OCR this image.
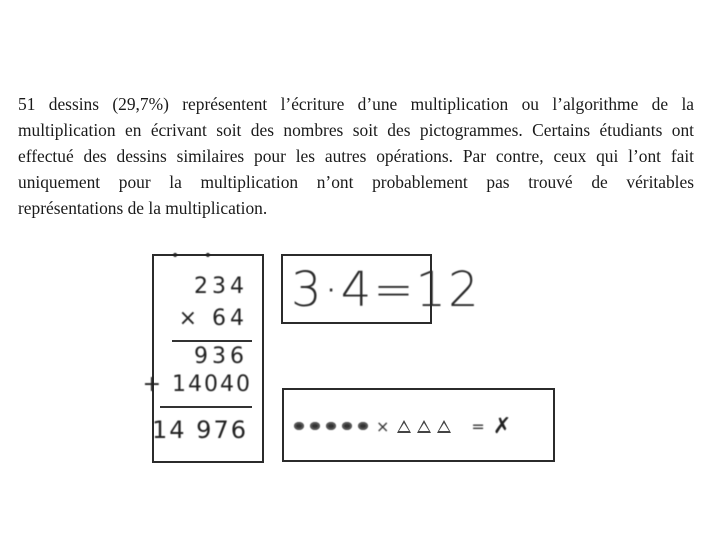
51 dessins (29,7%) représentent l’écriture d’une multiplication ou l’algorithme de la
multiplication en écrivant soit des nombres soit des pictogrammes. Certains étudiants ont
effectué des dessins similaires pour les autres opérations. Par contre, ceux qui l’ont fait
uniquement pour la multiplication n’ont probablement pas trouvé de véritables
représentations de la multiplication.
• •
234
× 64
936
+ 14040
14 976
3·4=12
×	= ✗
